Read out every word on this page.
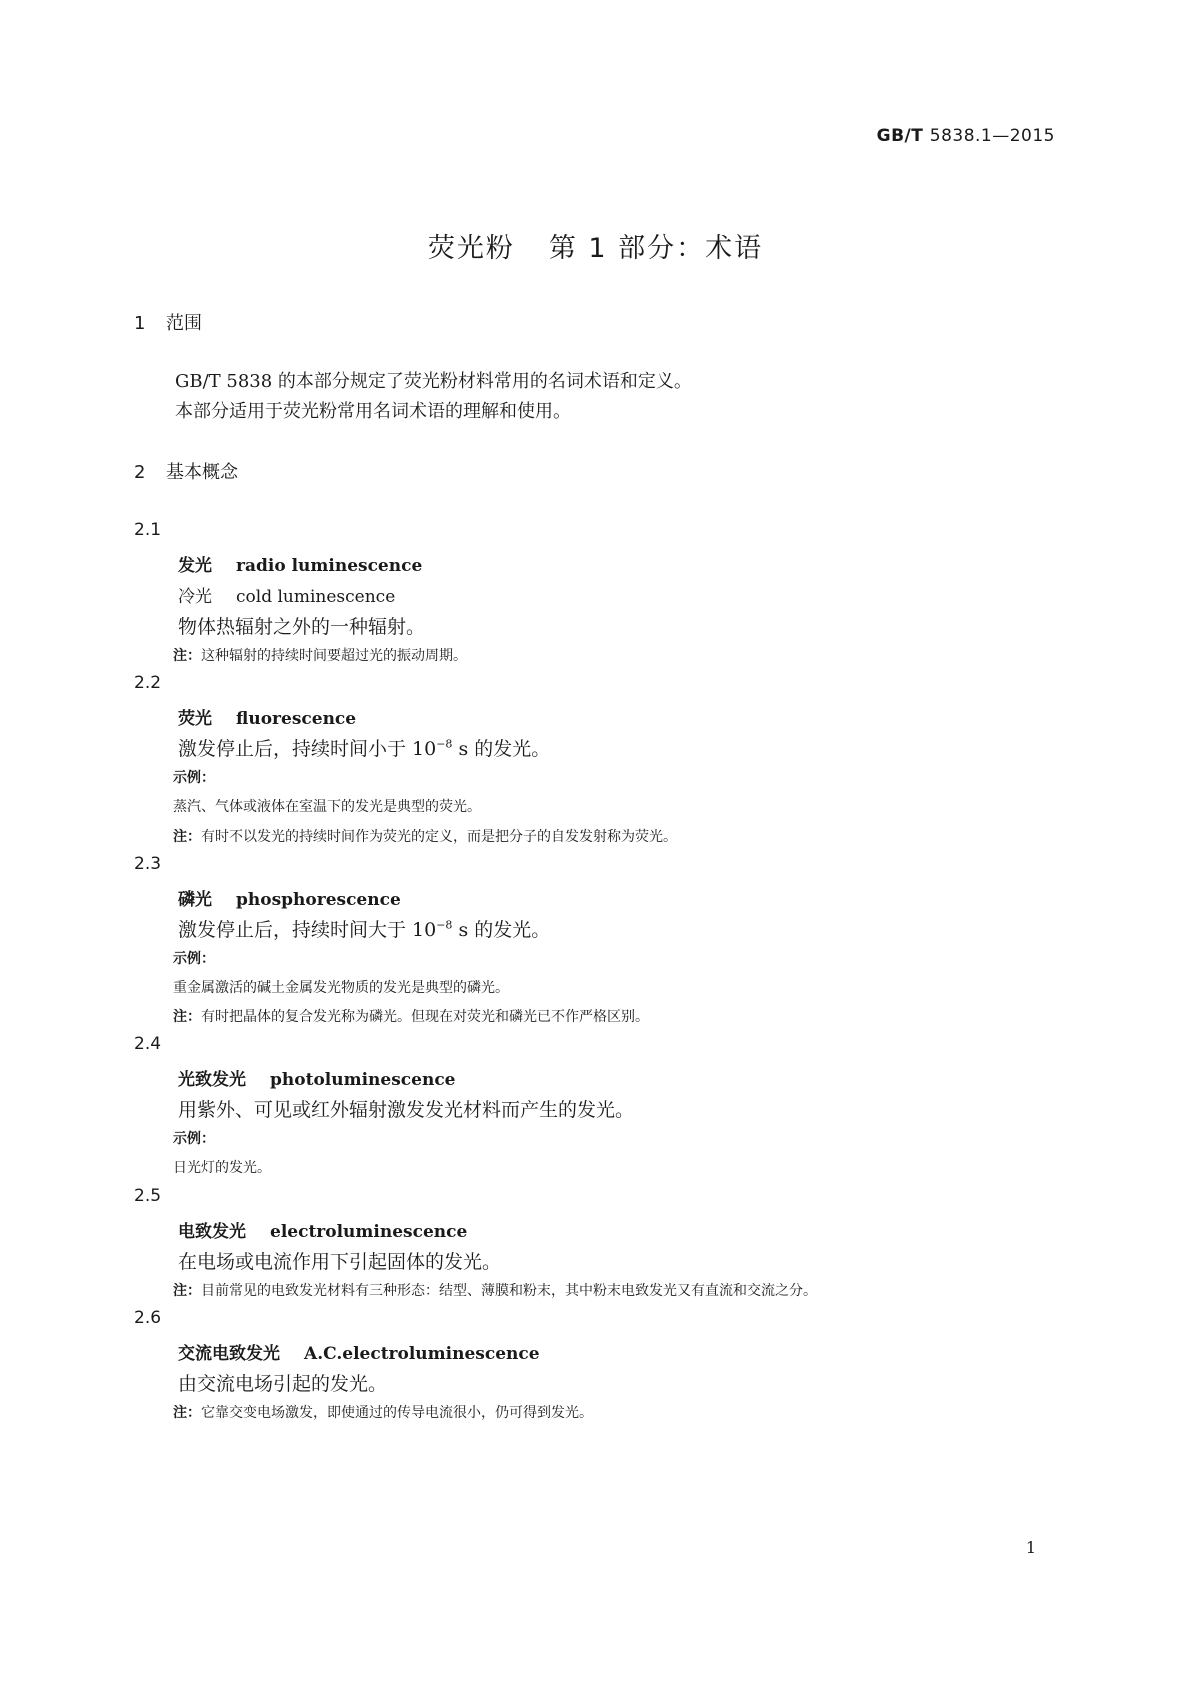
GB/T 5838.1—2015
荧光粉 第 1 部分：术语
1 范围
GB/T 5838 的本部分规定了荧光粉材料常用的名词术语和定义。
本部分适用于荧光粉常用名词术语的理解和使用。
2 基本概念
2.1
发光 radio luminescence
冷光 cold luminescence
物体热辐射之外的一种辐射。
注：这种辐射的持续时间要超过光的振动周期。
2.2
荧光 fluorescence
激发停止后，持续时间小于 $10^{-8}$ s 的发光。
示例：
蒸汽、气体或液体在室温下的发光是典型的荧光。
注：有时不以发光的持续时间作为荧光的定义，而是把分子的自发发射称为荧光。
2.3
磷光 phosphorescence
激发停止后，持续时间大于 $10^{-8}$ s 的发光。
示例：
重金属激活的碱土金属发光物质的发光是典型的磷光。
注：有时把晶体的复合发光称为磷光。但现在对荧光和磷光已不作严格区别。
2.4
光致发光 photoluminescence
用紫外、可见或红外辐射激发发光材料而产生的发光。
示例：
日光灯的发光。
2.5
电致发光 electroluminescence
在电场或电流作用下引起固体的发光。
注：目前常见的电致发光材料有三种形态：结型、薄膜和粉末，其中粉末电致发光又有直流和交流之分。
2.6
交流电致发光 A.C.electroluminescence
由交流电场引起的发光。
注：它靠交变电场激发，即使通过的传导电流很小，仍可得到发光。
1
